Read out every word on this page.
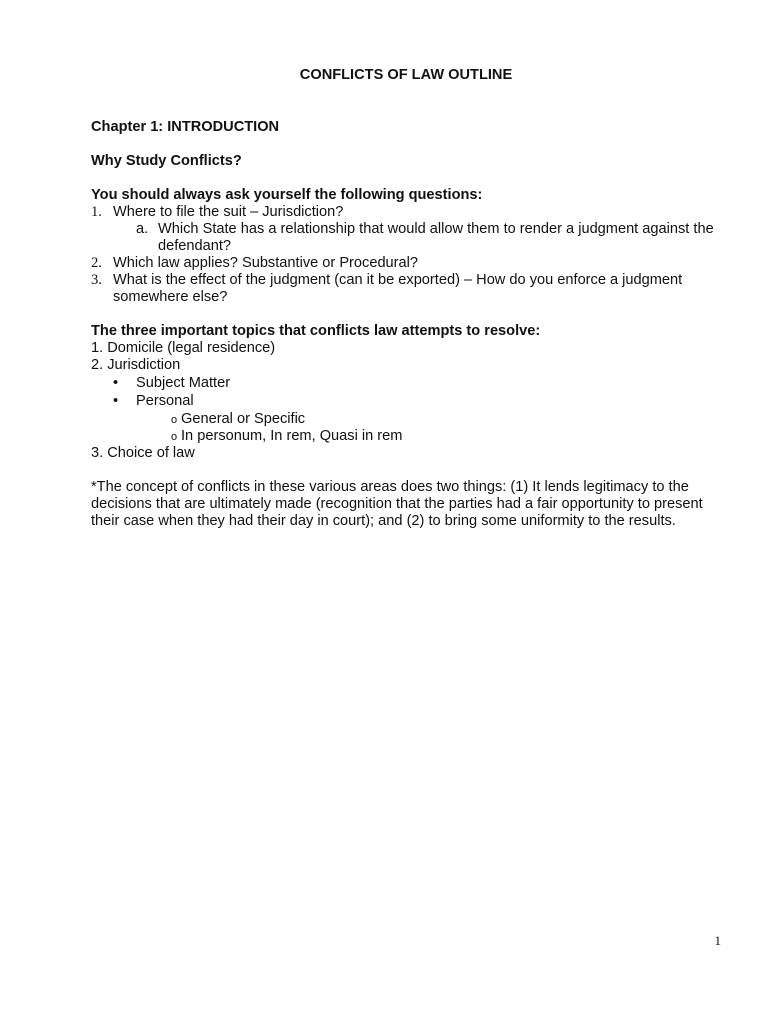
CONFLICTS OF LAW OUTLINE
Chapter 1: INTRODUCTION
Why Study Conflicts?
You should always ask yourself the following questions:
1. Where to file the suit – Jurisdiction?
a. Which State has a relationship that would allow them to render a judgment against the defendant?
2. Which law applies? Substantive or Procedural?
3. What is the effect of the judgment (can it be exported) – How do you enforce a judgment somewhere else?
The three important topics that conflicts law attempts to resolve:
1. Domicile (legal residence)
2. Jurisdiction
• Subject Matter
• Personal
o General or Specific
o In personum, In rem, Quasi in rem
3. Choice of law
*The concept of conflicts in these various areas does two things: (1) It lends legitimacy to the decisions that are ultimately made (recognition that the parties had a fair opportunity to present their case when they had their day in court); and (2) to bring some uniformity to the results.
1
